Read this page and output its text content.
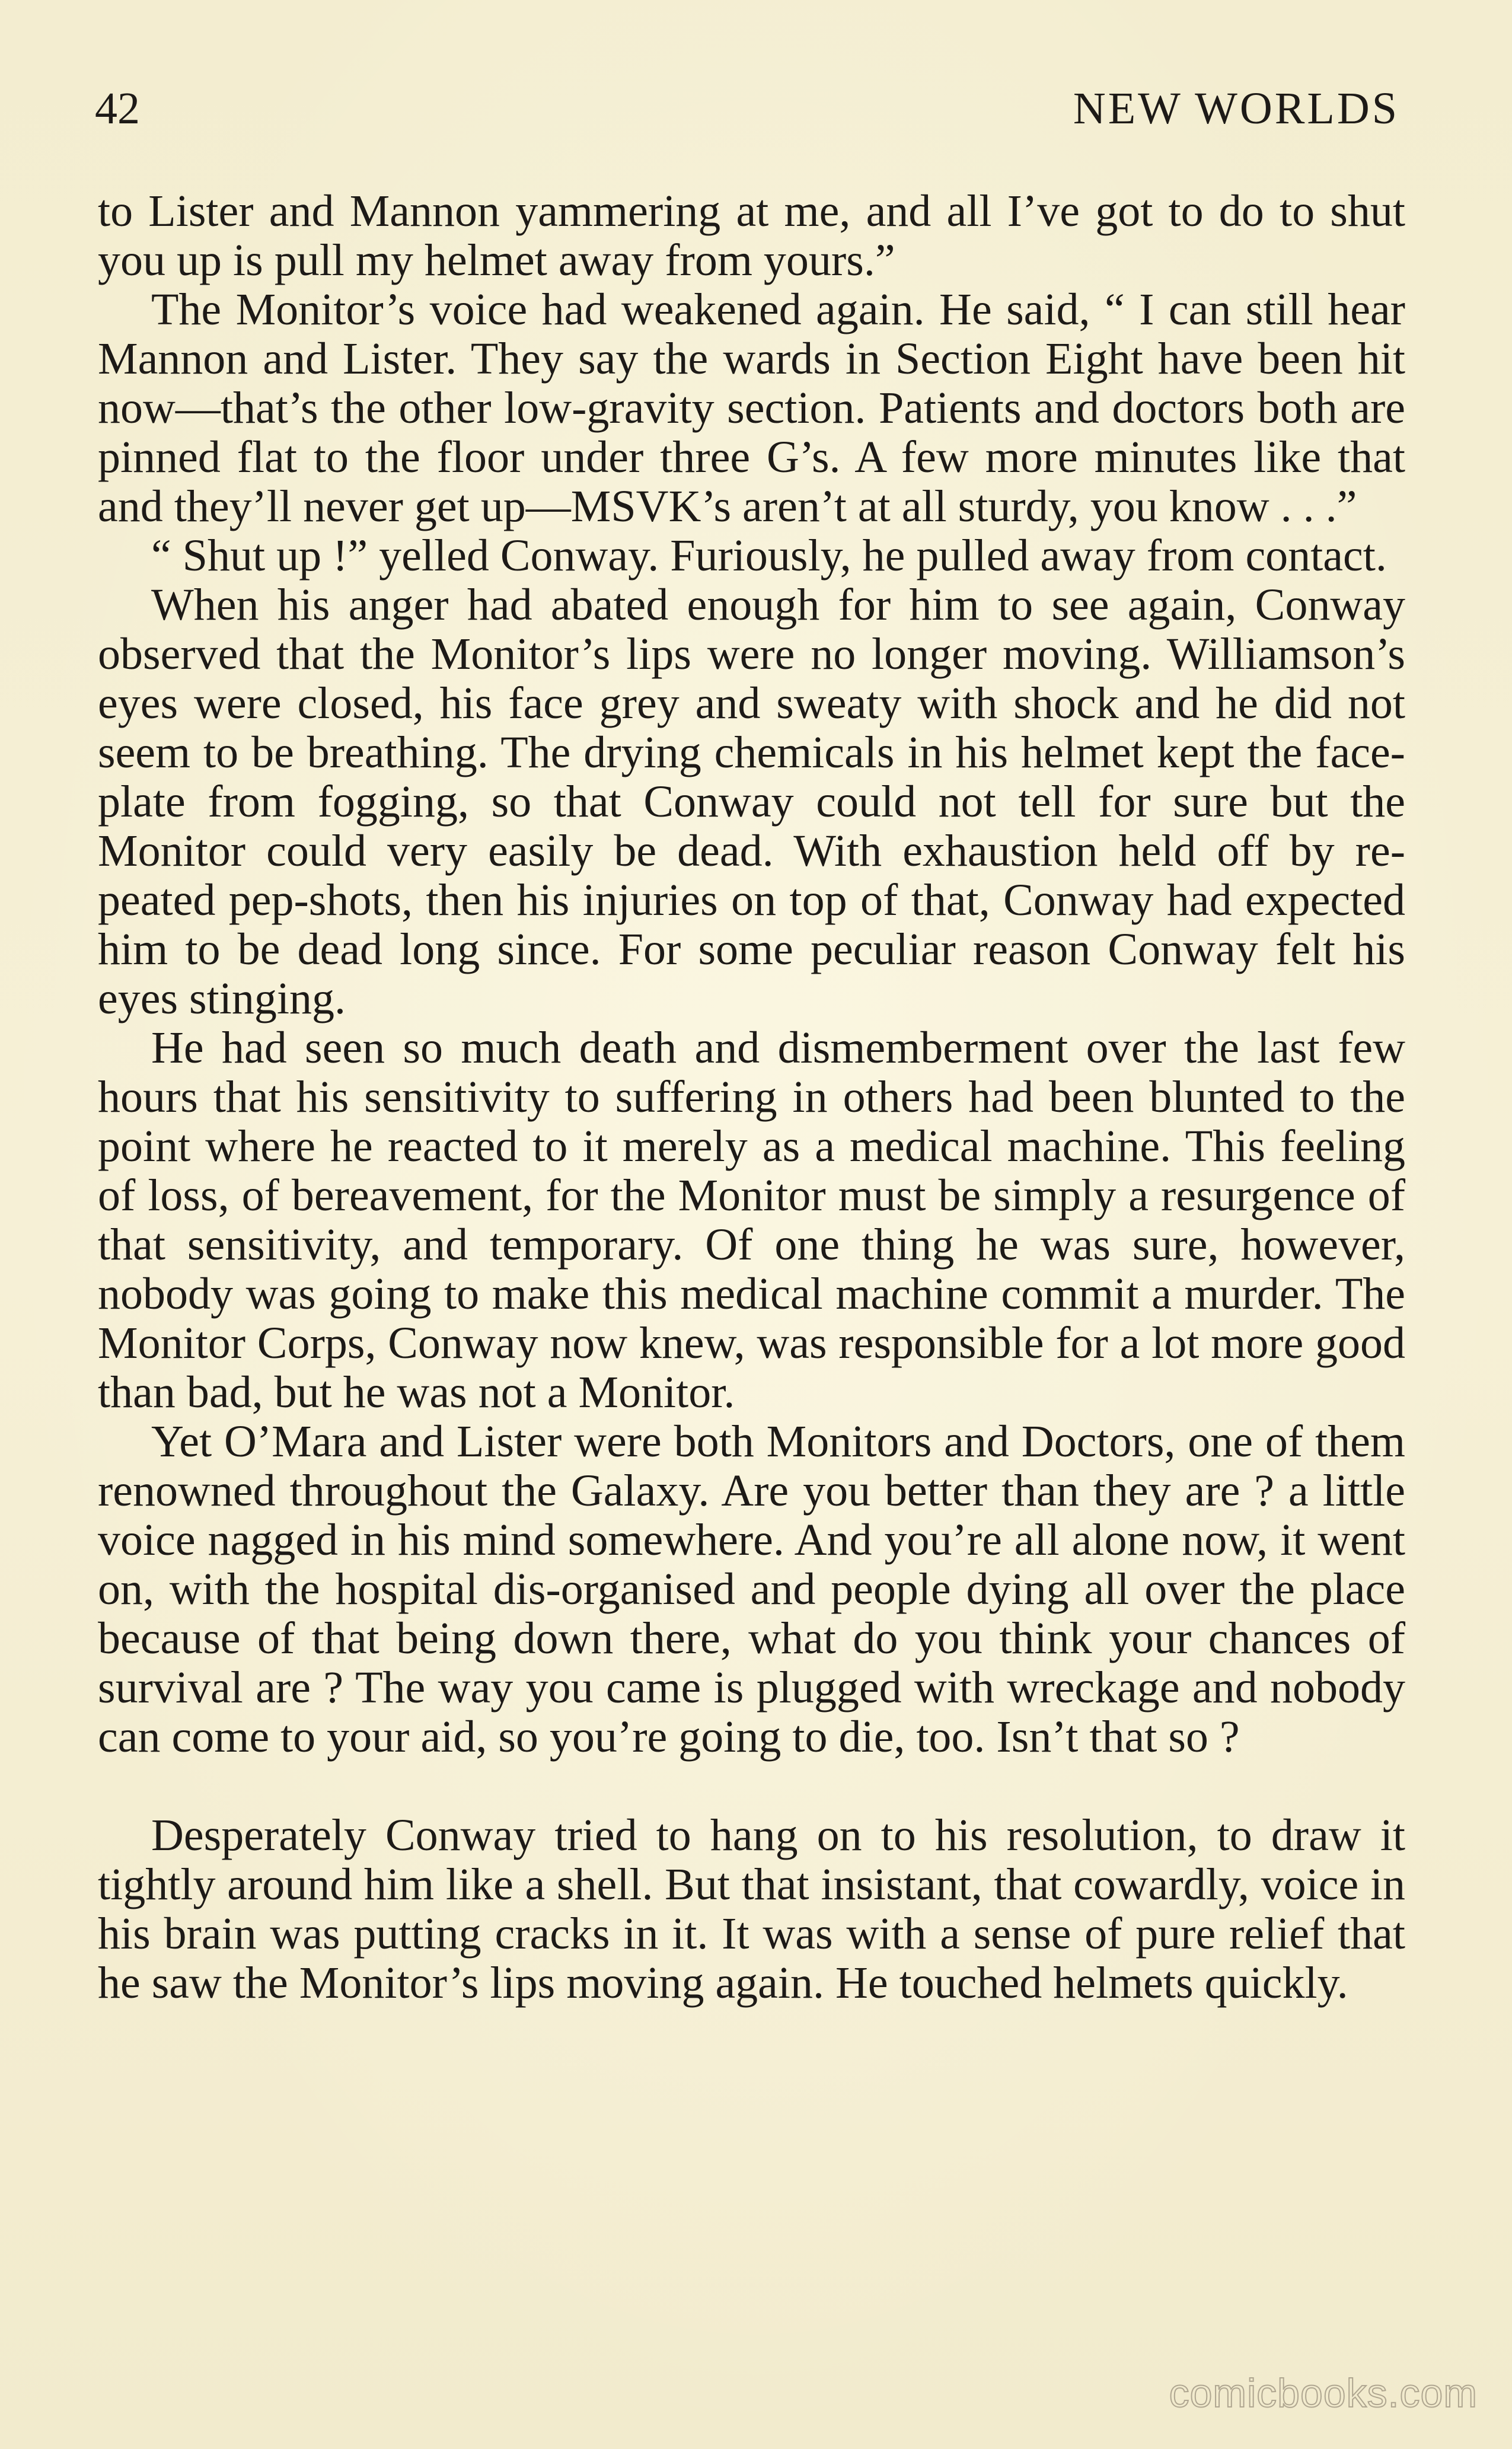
42	NEW WORLDS

to Lister and Mannon yammering at me, and all I’ve got to do to shut you up is pull my helmet away from yours.”

The Monitor’s voice had weakened again. He said, “ I can still hear Mannon and Lister. They say the wards in Section Eight have been hit now—that’s the other low-gravity section. Patients and doctors both are pinned flat to the floor under three G’s. A few more minutes like that and they’ll never get up—MSVK’s aren’t at all sturdy, you know . . .”

“ Shut up !” yelled Conway. Furiously, he pulled away from contact.

When his anger had abated enough for him to see again, Conway observed that the Monitor’s lips were no longer moving. Williamson’s eyes were closed, his face grey and sweaty with shock and he did not seem to be breathing. The drying chemicals in his helmet kept the face-plate from fogging, so that Conway could not tell for sure but the Monitor could very easily be dead. With exhaustion held off by re-peated pep-shots, then his injuries on top of that, Conway had expected him to be dead long since. For some peculiar reason Conway felt his eyes stinging.

He had seen so much death and dismemberment over the last few hours that his sensitivity to suffering in others had been blunted to the point where he reacted to it merely as a medical machine. This feeling of loss, of bereavement, for the Monitor must be simply a resurgence of that sensitivity, and temporary. Of one thing he was sure, however, nobody was going to make this medical machine commit a murder. The Monitor Corps, Conway now knew, was responsible for a lot more good than bad, but he was not a Monitor.

Yet O’Mara and Lister were both Monitors and Doctors, one of them renowned throughout the Galaxy. Are you better than they are ? a little voice nagged in his mind somewhere. And you’re all alone now, it went on, with the hospital dis-organised and people dying all over the place because of that being down there, what do you think your chances of survival are ? The way you came is plugged with wreckage and nobody can come to your aid, so you’re going to die, too. Isn’t that so ?

Desperately Conway tried to hang on to his resolution, to draw it tightly around him like a shell. But that insistant, that cowardly, voice in his brain was putting cracks in it. It was with a sense of pure relief that he saw the Monitor’s lips moving again. He touched helmets quickly.

comicbooks.com
